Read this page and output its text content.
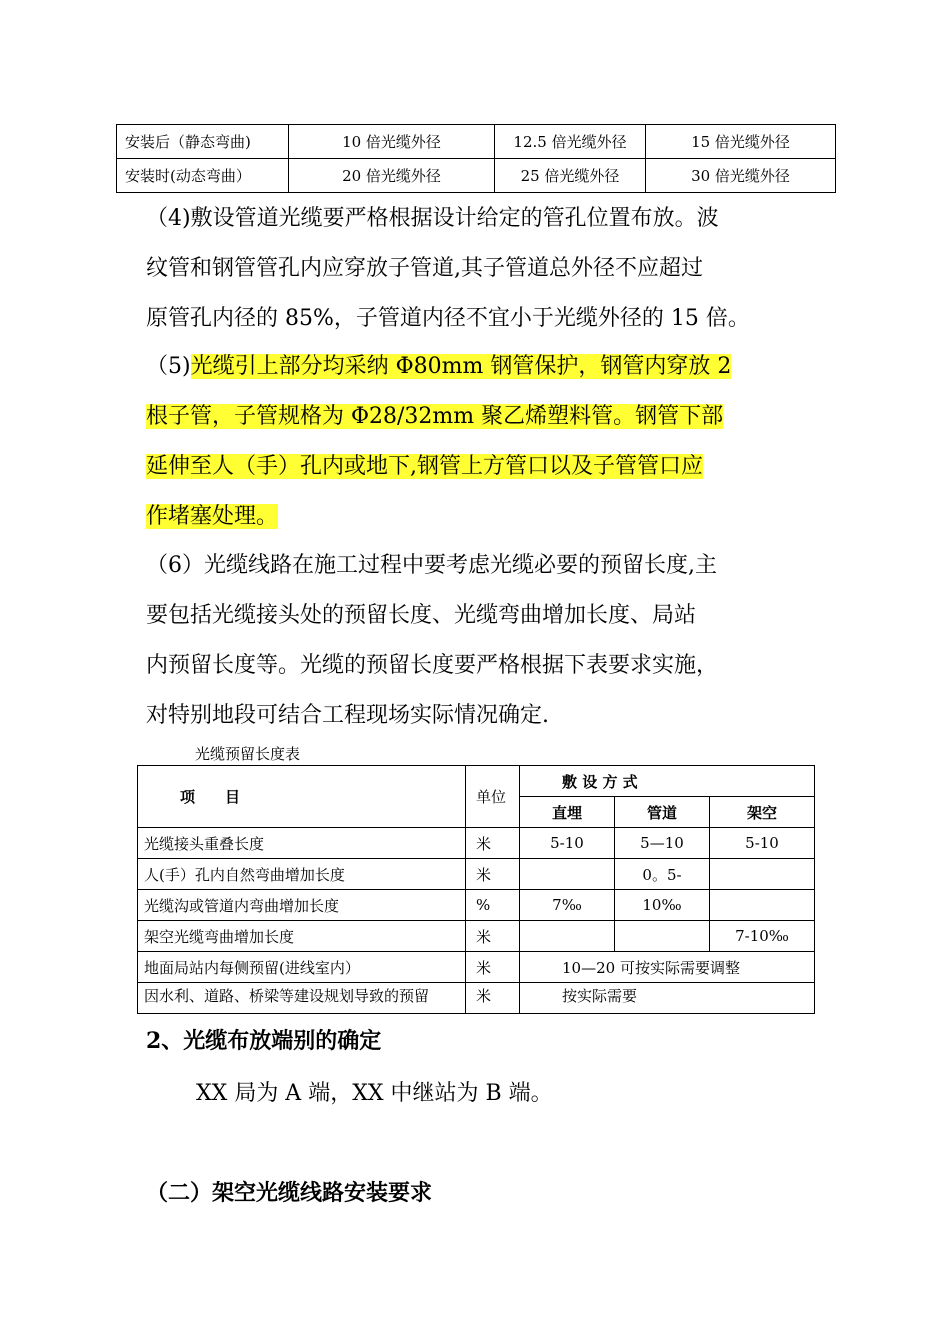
安装后（静态弯曲)	10 倍光缆外径	12.5 倍光缆外径	15 倍光缆外径
安装时(动态弯曲）	20 倍光缆外径	25 倍光缆外径	30 倍光缆外径
（4)敷设管道光缆要严格根据设计给定的管孔位置布放。波
纹管和钢管管孔内应穿放子管道,其子管道总外径不应超过
原管孔内径的 85%，子管道内径不宜小于光缆外径的 15 倍。
（5)光缆引上部分均采纳 Φ80mm 钢管保护，钢管内穿放 2
根子管，子管规格为 Φ28/32mm 聚乙烯塑料管。钢管下部
延伸至人（手）孔内或地下,钢管上方管口以及子管管口应
作堵塞处理。
（6）光缆线路在施工过程中要考虑光缆必要的预留长度,主
要包括光缆接头处的预留长度、光缆弯曲增加长度、局站
内预留长度等。光缆的预留长度要严格根据下表要求实施，
对特别地段可结合工程现场实际情况确定.
光缆预留长度表
项　　目	单位	敷 设 方 式		
		直埋	管道	架空
光缆接头重叠长度	米	5-10	5—10	5-10
人(手）孔内自然弯曲增加长度	米		0。5-	
光缆沟或管道内弯曲增加长度	%	7‰	10‰	
架空光缆弯曲增加长度	米			7-10‰
地面局站内每侧预留(进线室内）	米	10—20 可按实际需要调整		
因水利、道路、桥梁等建设规划导致的预留	米	按实际需要		
2、光缆布放端别的确定
XX 局为 A 端，XX 中继站为 B 端。
（二）架空光缆线路安装要求
